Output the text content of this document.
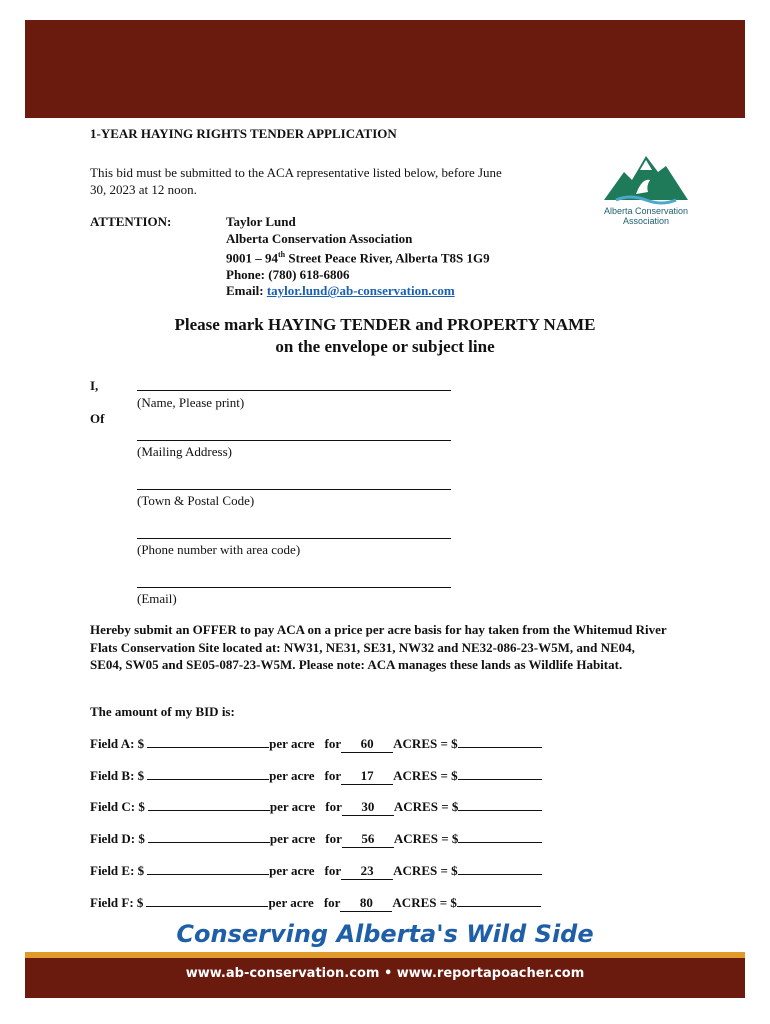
1-YEAR HAYING RIGHTS TENDER APPLICATION
This bid must be submitted to the ACA representative listed below, before June 30, 2023 at 12 noon.
ATTENTION:	Taylor Lund
Alberta Conservation Association
9001 – 94th Street Peace River, Alberta T8S 1G9
Phone: (780) 618-6806
Email: taylor.lund@ab-conservation.com
Alberta Conservation
Association
Please mark HAYING TENDER and PROPERTY NAME
on the envelope or subject line
I,
(Name, Please print)
Of
(Mailing Address)
(Town & Postal Code)
(Phone number with area code)
(Email)
Hereby submit an OFFER to pay ACA on a price per acre basis for hay taken from the Whitemud River Flats Conservation Site located at: NW31, NE31, SE31, NW32 and NE32-086-23-W5M, and NE04, SE04, SW05 and SE05-087-23-W5M. Please note: ACA manages these lands as Wildlife Habitat.
The amount of my BID is:
Field A: $	per acre for 60 ACRES = $
Field B: $	per acre for 17 ACRES = $
Field C: $	per acre for 30 ACRES = $
Field D: $	per acre for 56 ACRES = $
Field E: $	per acre for 23 ACRES = $
Field F: $	per acre for 80 ACRES = $
Conserving Alberta's Wild Side
www.ab-conservation.com • www.reportapoacher.com
